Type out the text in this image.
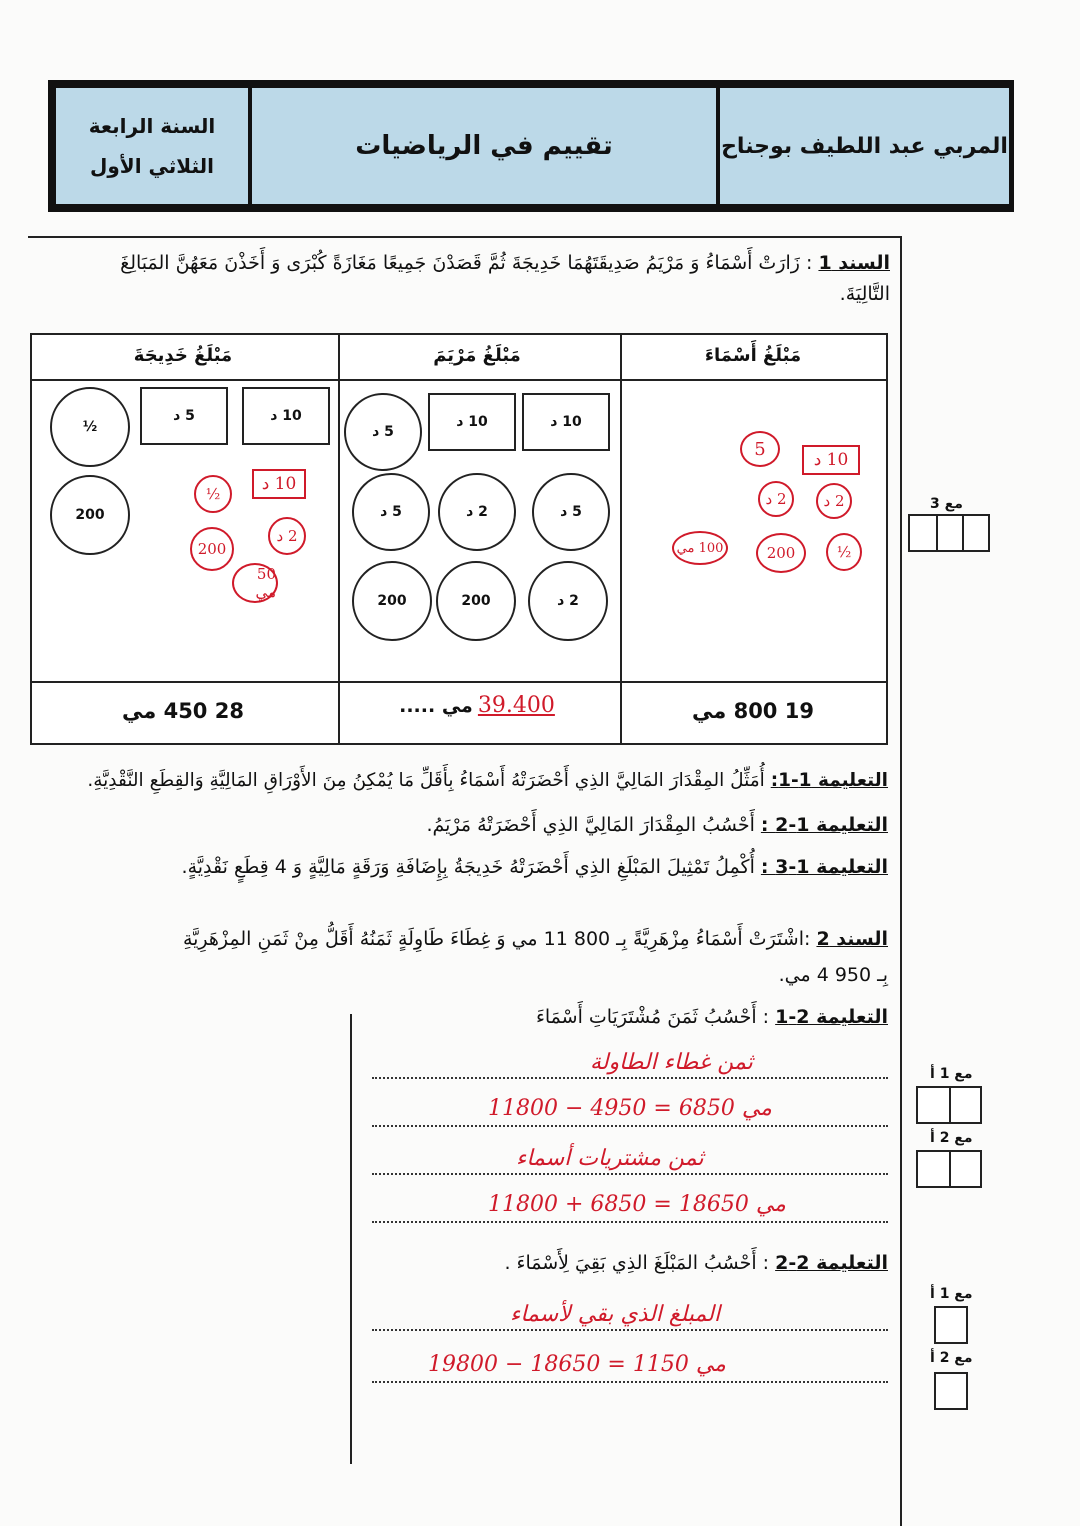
السنة الرابعة
الثلاثي الأول
تقييم في الرياضيات	المربي عبد اللطيف بوجناح
السند 1 : زَارَتْ أَسْمَاءُ وَ مَرْيَمُ صَدِيقَتَهُمَا خَدِيجَةَ ثُمَّ قَصَدْنَ جَمِيعًا مَغَازَةً كُبْرَى وَ أَخَذْنَ مَعَهُنَّ المَبَالِغَ
التَّالِيَةَ.
مَبْلَغُ أَسْمَاءَ
مَبْلَغُ مَرْيَمَ
مَبْلَغُ خَدِيجَةَ
10 د
5 د
½
200
10 د
½
2 د
200
50 مي
10 د
10 د
5 د
5 د
2 د
5 د
2 د
200
200
5
10 د
2 د	2 د
½
200
100 مي
19 800 مي
39.400 مي .....
28 450 مي
مع 3
التعليمة 1-1: أُمَثِّلُ المِقْدَارَ المَالِيَّ الذِي أَحْضَرَتْهُ أَسْمَاءُ بِأَقَلِّ مَا يُمْكِنُ مِنَ الأَوْرَاقِ المَالِيَّةِ وَالقِطَعِ النَّقْدِيَّةِ.
التعليمة 1-2 : أَحْسُبُ المِقْدَارَ المَالِيَّ الذِي أَحْضَرَتْهُ مَرْيَمُ.
التعليمة 1-3 : أُكْمِلُ تَمْثِيلَ المَبْلَغِ الذِي أَحْضَرَتْهُ خَدِيجَةُ بِإِضَافَةِ وَرَقَةٍ مَالِيَّةٍ وَ 4 قِطَعٍ نَقْدِيَّةٍ.
السند 2 :اشْتَرَتْ أَسْمَاءُ مِزْهَرِيَّةً بِـ 800 11 مي وَ غِطَاءَ طَاوِلَةٍ ثَمَنُهُ أَقَلُّ مِنْ ثَمَنِ المِزْهَرِيَّةِ
بِـ 950 4 مي.
التعليمة 2-1 : أَحْسُبُ ثَمَنَ مُشْتَرَيَاتِ أَسْمَاءَ
ثمن غطاء الطاولة
مي 6850 = 4950 − 11800
ثمن مشتريات أسماء
مي 18650 = 6850 + 11800
مع 1 أ
مع 2 أ
التعليمة 2-2 : أَحْسُبُ المَبْلَغَ الذِي بَقِيَ لِأَسْمَاءَ .
المبلغ الذي بقي لأسماء
مي 1150 = 18650 − 19800
مع 1 أ
مع 2 أ
